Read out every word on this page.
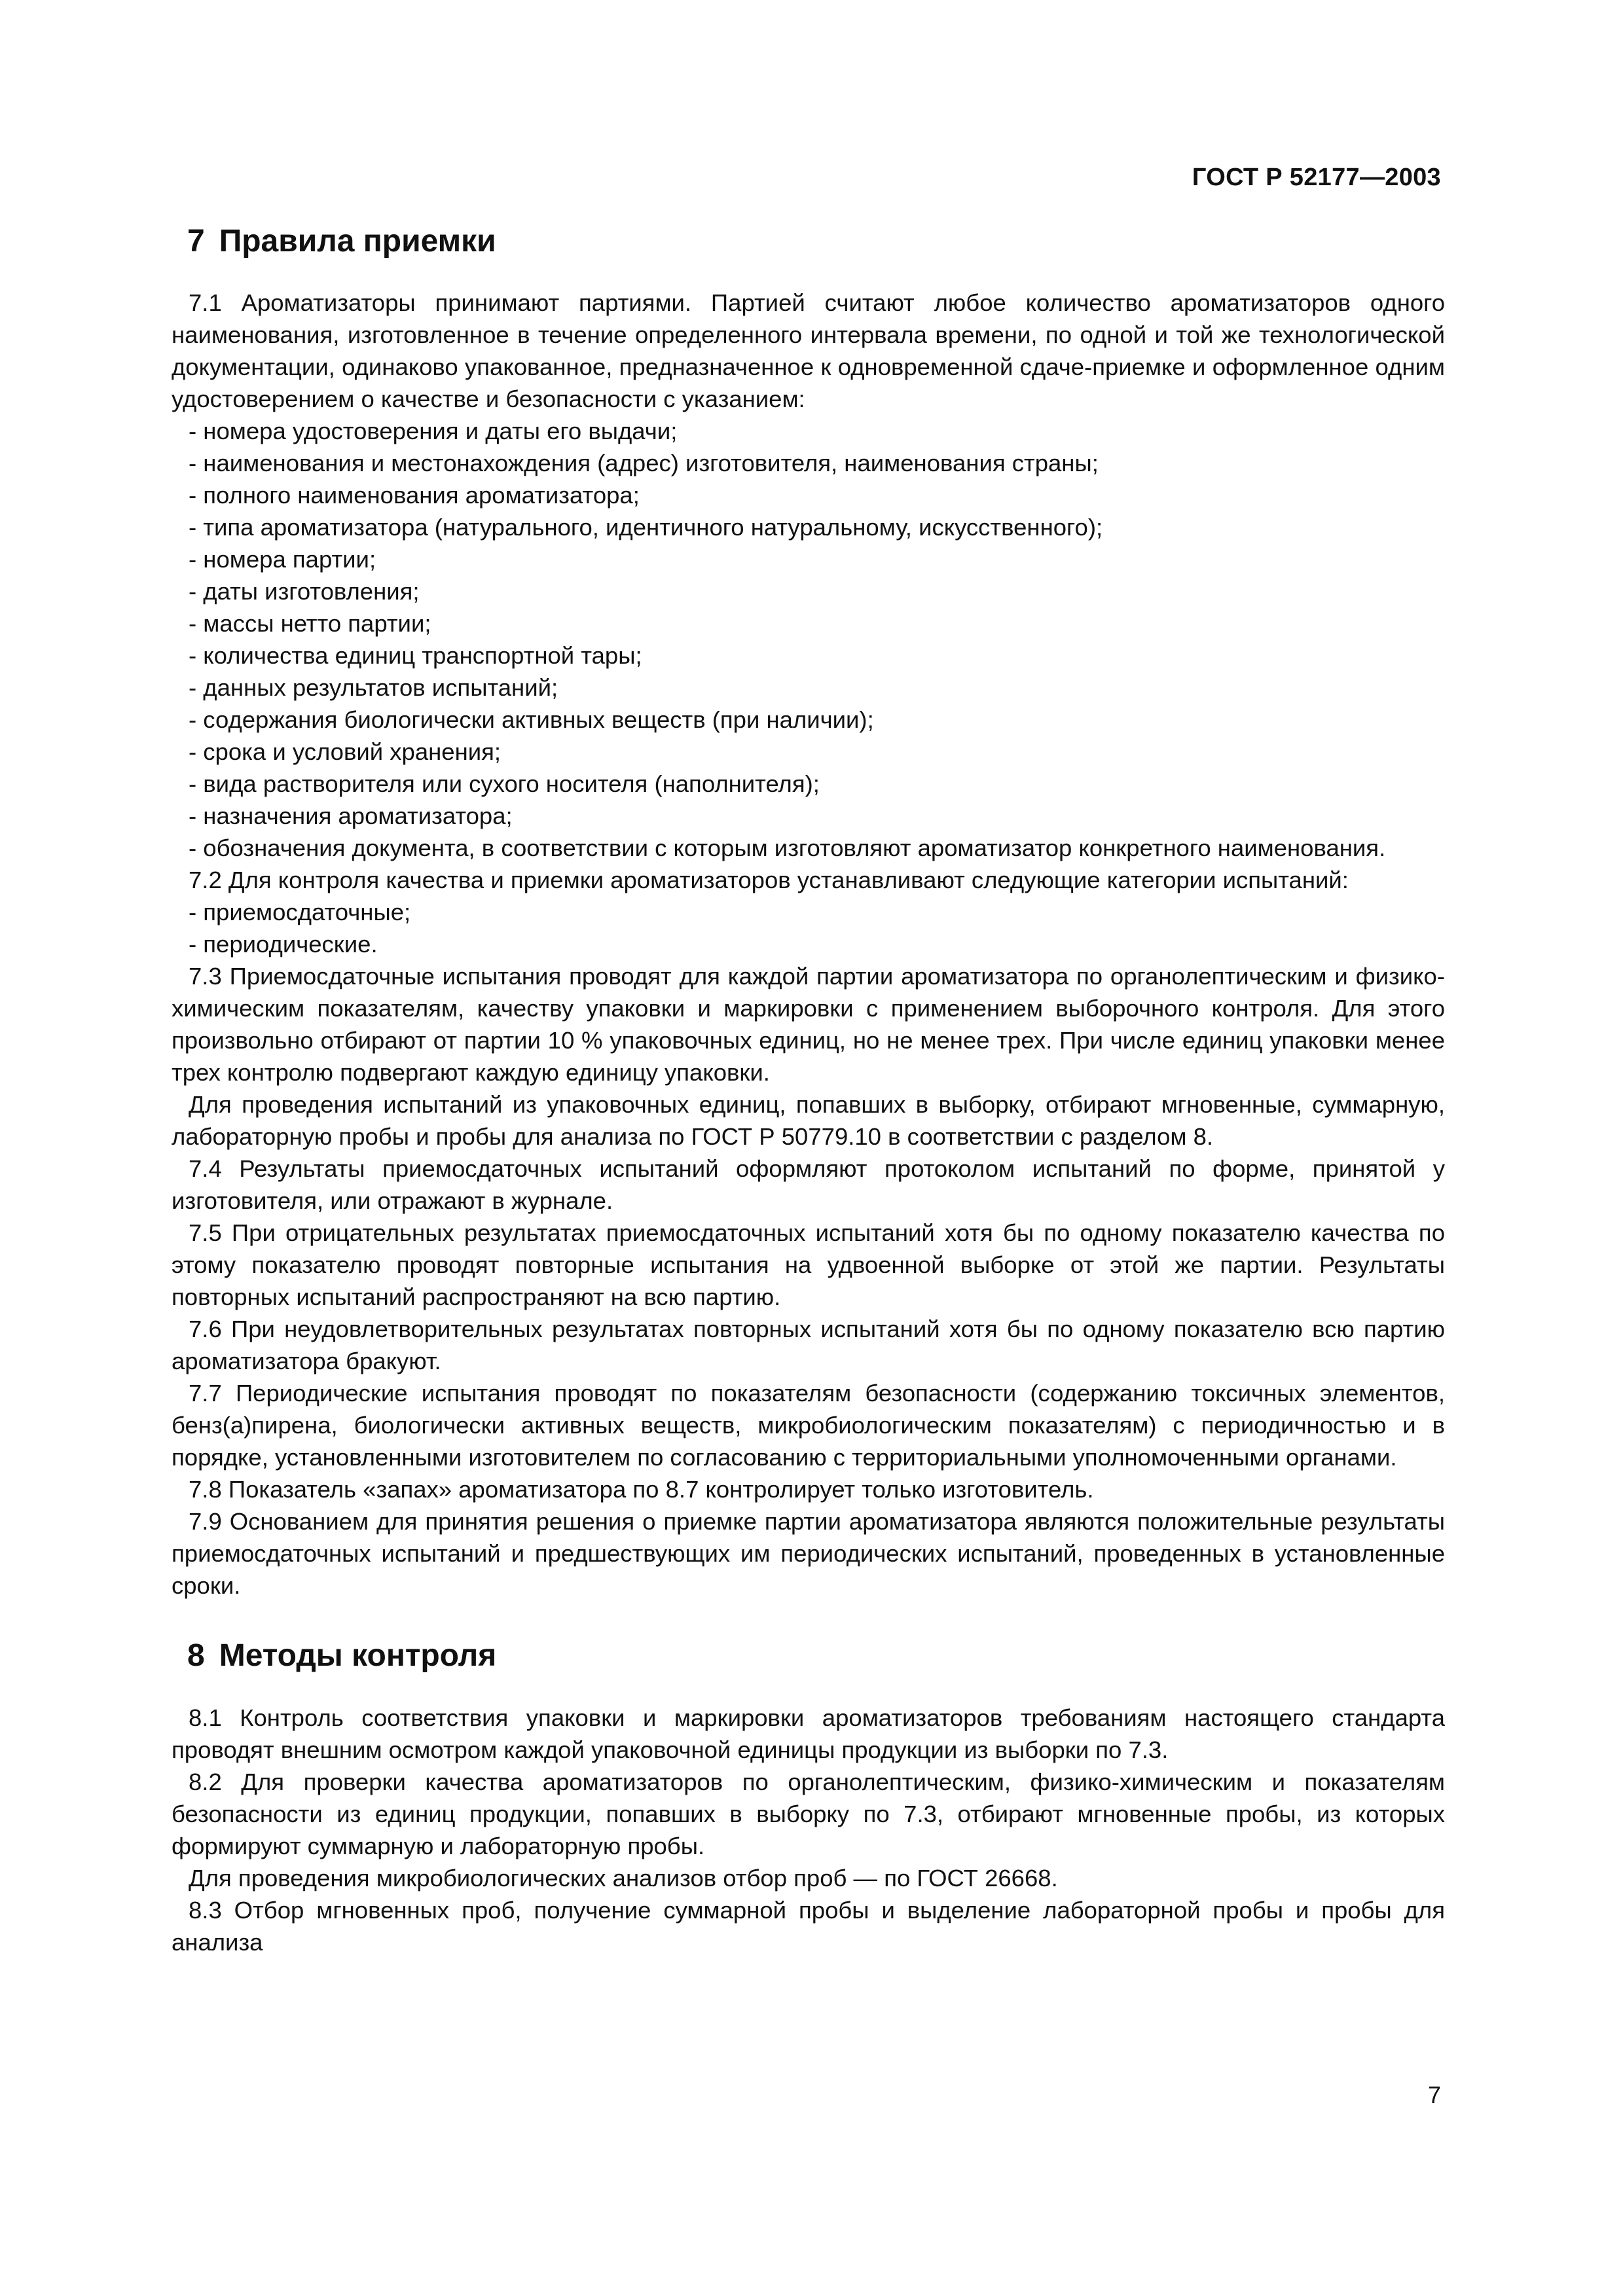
ГОСТ Р 52177—2003
7 Правила приемки

7.1 Ароматизаторы принимают партиями. Партией считают любое количество ароматизаторов одного наименования, изготовленное в течение определенного интервала времени, по одной и той же технологической документации, одинаково упакованное, предназначенное к одновременной сдаче-приемке и оформленное одним удостоверением о качестве и безопасности с указанием:

- номера удостоверения и даты его выдачи;
- наименования и местонахождения (адрес) изготовителя, наименования страны;
- полного наименования ароматизатора;
- типа ароматизатора (натурального, идентичного натуральному, искусственного);
- номера партии;
- даты изготовления;
- массы нетто партии;
- количества единиц транспортной тары;
- данных результатов испытаний;
- содержания биологически активных веществ (при наличии);
- срока и условий хранения;
- вида растворителя или сухого носителя (наполнителя);
- назначения ароматизатора;
- обозначения документа, в соответствии с которым изготовляют ароматизатор конкретного наименования.

7.2 Для контроля качества и приемки ароматизаторов устанавливают следующие категории испытаний:

- приемосдаточные;
- периодические.

7.3 Приемосдаточные испытания проводят для каждой партии ароматизатора по органолептическим и физико-химическим показателям, качеству упаковки и маркировки с применением выборочного контроля. Для этого произвольно отбирают от партии 10 % упаковочных единиц, но не менее трех. При числе единиц упаковки менее трех контролю подвергают каждую единицу упаковки.

Для проведения испытаний из упаковочных единиц, попавших в выборку, отбирают мгновенные, суммарную, лабораторную пробы и пробы для анализа по ГОСТ Р 50779.10 в соответствии с разделом 8.

7.4 Результаты приемосдаточных испытаний оформляют протоколом испытаний по форме, принятой у изготовителя, или отражают в журнале.

7.5 При отрицательных результатах приемосдаточных испытаний хотя бы по одному показателю качества по этому показателю проводят повторные испытания на удвоенной выборке от этой же партии. Результаты повторных испытаний распространяют на всю партию.

7.6 При неудовлетворительных результатах повторных испытаний хотя бы по одному показателю всю партию ароматизатора бракуют.

7.7 Периодические испытания проводят по показателям безопасности (содержанию токсичных элементов, бенз(а)пирена, биологически активных веществ, микробиологическим показателям) с периодичностью и в порядке, установленными изготовителем по согласованию с территориальными уполномоченными органами.

7.8 Показатель «запах» ароматизатора по 8.7 контролирует только изготовитель.

7.9 Основанием для принятия решения о приемке партии ароматизатора являются положительные результаты приемосдаточных испытаний и предшествующих им периодических испытаний, проведенных в установленные сроки.

8 Методы контроля

8.1 Контроль соответствия упаковки и маркировки ароматизаторов требованиям настоящего стандарта проводят внешним осмотром каждой упаковочной единицы продукции из выборки по 7.3.

8.2 Для проверки качества ароматизаторов по органолептическим, физико-химическим и показателям безопасности из единиц продукции, попавших в выборку по 7.3, отбирают мгновенные пробы, из которых формируют суммарную и лабораторную пробы.

Для проведения микробиологических анализов отбор проб — по ГОСТ 26668.

8.3 Отбор мгновенных проб, получение суммарной пробы и выделение лабораторной пробы и пробы для анализа

7
